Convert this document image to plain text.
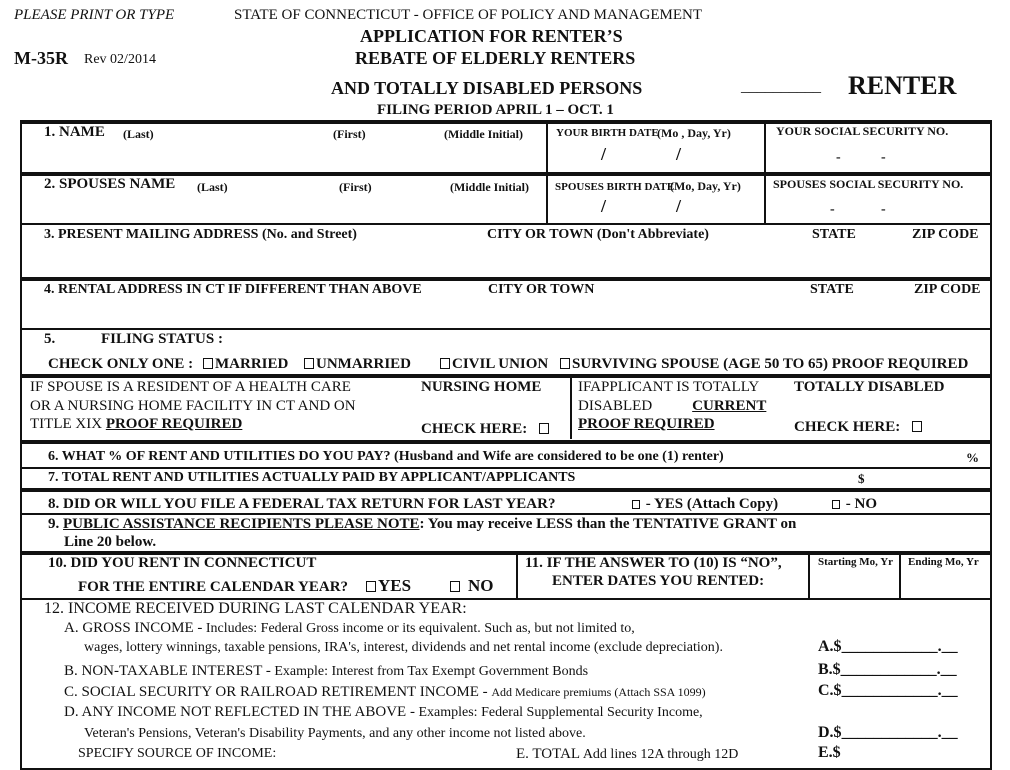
PLEASE PRINT OR TYPE	STATE OF CONNECTICUT - OFFICE OF POLICY AND MANAGEMENT
APPLICATION FOR RENTER’S
REBATE OF ELDERLY RENTERS
AND TOTALLY DISABLED PERSONS
M-35R Rev 02/2014
__________ RENTER
FILING PERIOD APRIL 1 – OCT. 1
1. NAME (Last)	(First)	(Middle Initial)	YOUR BIRTH DATE
(Mo , Day, Yr)
/	/
YOUR SOCIAL SECURITY NO.
-	-
2. SPOUSES NAME (Last)	(First)	(Middle Initial) SPOUSES BIRTH DATE
(Mo, Day, Yr)
/	/
SPOUSES SOCIAL SECURITY NO.
-	-
3. PRESENT MAILING ADDRESS (No. and Street)	CITY OR TOWN (Don't Abbreviate)	STATE	ZIP CODE
4. RENTAL ADDRESS IN CT IF DIFFERENT THAN ABOVE	CITY OR TOWN	STATE	ZIP CODE
5.	FILING STATUS :
CHECK ONLY ONE :	MARRIED	UNMARRIED	CIVIL UNION	SURVIVING SPOUSE (AGE 50 TO 65) PROOF REQUIRED
IF SPOUSE IS A RESIDENT OF A HEALTH CARE
OR A NURSING HOME FACILITY IN CT AND ON
TITLE XIX PROOF REQUIRED
NURSING HOME
CHECK HERE:
IFAPPLICANT IS TOTALLY
DISABLED	CURRENT
PROOF REQUIRED
TOTALLY DISABLED
CHECK HERE:
6. WHAT % OF RENT AND UTILITIES DO YOU PAY? (Husband and Wife are considered to be one (1) renter)	%
7. TOTAL RENT AND UTILITIES ACTUALLY PAID BY APPLICANT/APPLICANTS	$
8. DID OR WILL YOU FILE A FEDERAL TAX RETURN FOR LAST YEAR?	- YES (Attach Copy)	- NO
9. PUBLIC ASSISTANCE RECIPIENTS PLEASE NOTE: You may receive LESS than the TENTATIVE GRANT on
Line 20 below.
10. DID YOU RENT IN CONNECTICUT
FOR THE ENTIRE CALENDAR YEAR?	YES	NO
11. IF THE ANSWER TO (10) IS “NO”,
ENTER DATES YOU RENTED:
Starting Mo, Yr Ending Mo, Yr
12. INCOME RECEIVED DURING LAST CALENDAR YEAR:
A. GROSS INCOME - Includes: Federal Gross income or its equivalent. Such as, but not limited to,
wages, lottery winnings, taxable pensions, IRA's, interest, dividends and net rental income (exclude depreciation).	A.$____________.__
B. NON-TAXABLE INTEREST - Example: Interest from Tax Exempt Government Bonds	B.$____________.__
C. SOCIAL SECURITY OR RAILROAD RETIREMENT INCOME - Add Medicare premiums (Attach SSA 1099)	C.$____________.__
D. ANY INCOME NOT REFLECTED IN THE ABOVE - Examples: Federal Supplemental Security Income,
Veteran's Pensions, Veteran's Disability Payments, and any other income not listed above.	D.$____________.__
SPECIFY SOURCE OF INCOME:	E. TOTAL Add lines 12A through 12D	E.$
